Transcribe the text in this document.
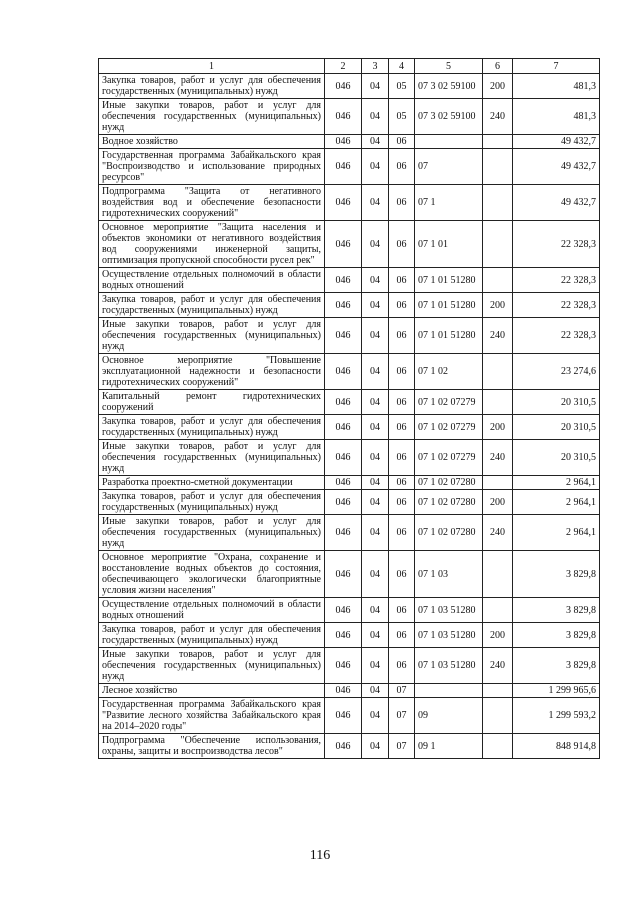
1	2	3	4	5	6	7
Закупка товаров, работ и услуг для обеспечения государственных (муниципальных) нужд	046	04	05	07 3 02 59100	200	481,3
Иные закупки товаров, работ и услуг для обеспечения государственных (муниципальных) нужд	046	04	05	07 3 02 59100	240	481,3
Водное хозяйство	046	04	06			49 432,7
Государственная программа Забайкальского края "Воспроизводство и использование природных ресурсов"	046	04	06	07		49 432,7
Подпрограмма "Защита от негативного воздействия вод и обеспечение безопасности гидротехнических сооружений"	046	04	06	07 1		49 432,7
Основное мероприятие "Защита населения и объектов экономики от негативного воздействия вод сооружениями инженерной защиты, оптимизация пропускной способности русел рек"	046	04	06	07 1 01		22 328,3
Осуществление отдельных полномочий в области водных отношений	046	04	06	07 1 01 51280		22 328,3
Закупка товаров, работ и услуг для обеспечения государственных (муниципальных) нужд	046	04	06	07 1 01 51280	200	22 328,3
Иные закупки товаров, работ и услуг для обеспечения государственных (муниципальных) нужд	046	04	06	07 1 01 51280	240	22 328,3
Основное мероприятие "Повышение эксплуатационной надежности и безопасности гидротехнических сооружений"	046	04	06	07 1 02		23 274,6
Капитальный ремонт гидротехнических сооружений	046	04	06	07 1 02 07279		20 310,5
Закупка товаров, работ и услуг для обеспечения государственных (муниципальных) нужд	046	04	06	07 1 02 07279	200	20 310,5
Иные закупки товаров, работ и услуг для обеспечения государственных (муниципальных) нужд	046	04	06	07 1 02 07279	240	20 310,5
Разработка проектно-сметной документации	046	04	06	07 1 02 07280		2 964,1
Закупка товаров, работ и услуг для обеспечения государственных (муниципальных) нужд	046	04	06	07 1 02 07280	200	2 964,1
Иные закупки товаров, работ и услуг для обеспечения государственных (муниципальных) нужд	046	04	06	07 1 02 07280	240	2 964,1
Основное мероприятие "Охрана, сохранение и восстановление водных объектов до состояния, обеспечивающего экологически благоприятные условия жизни населения"	046	04	06	07 1 03		3 829,8
Осуществление отдельных полномочий в области водных отношений	046	04	06	07 1 03 51280		3 829,8
Закупка товаров, работ и услуг для обеспечения государственных (муниципальных) нужд	046	04	06	07 1 03 51280	200	3 829,8
Иные закупки товаров, работ и услуг для обеспечения государственных (муниципальных) нужд	046	04	06	07 1 03 51280	240	3 829,8
Лесное хозяйство	046	04	07			1 299 965,6
Государственная программа Забайкальского края "Развитие лесного хозяйства Забайкальского края на 2014–2020 годы"	046	04	07	09		1 299 593,2
Подпрограмма "Обеспечение использования, охраны, защиты и воспроизводства лесов"	046	04	07	09 1		848 914,8
116
